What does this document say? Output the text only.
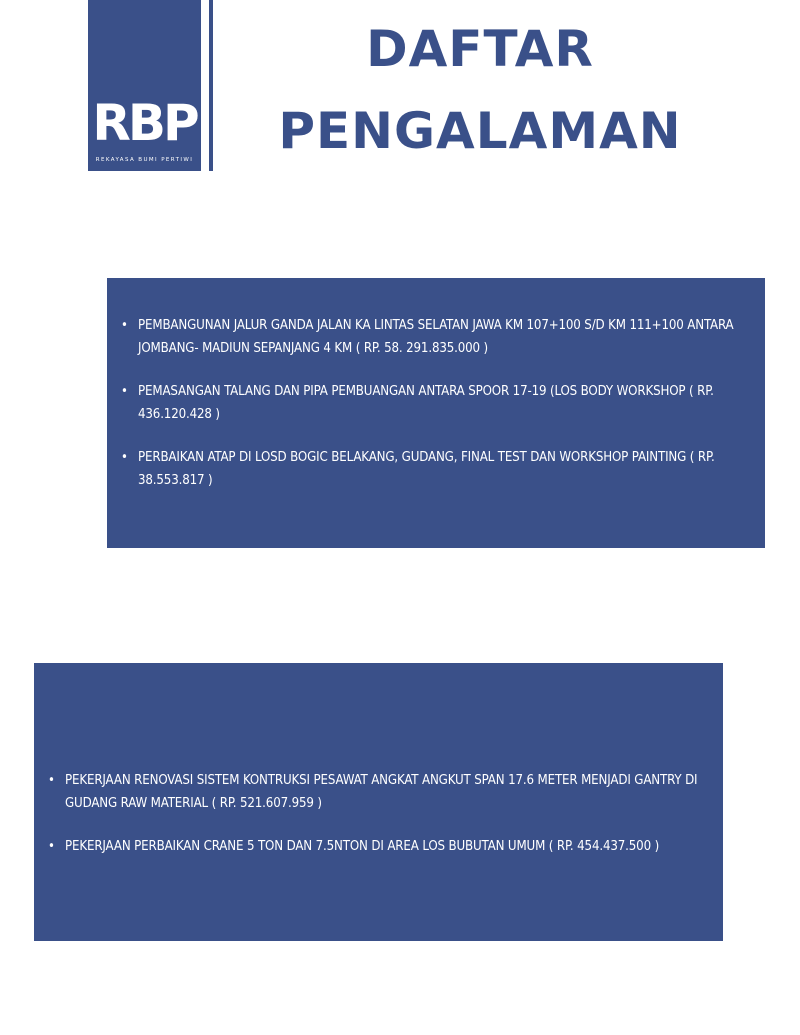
RBP
REKAYASA BUMI PERTIWI
DAFTAR
PENGALAMAN
• PEMBANGUNAN JALUR GANDA JALAN KA LINTAS SELATAN JAWA KM 107+100 S/D KM 111+100 ANTARA JOMBANG- MADIUN SEPANJANG 4 KM ( RP. 58. 291.835.000 )
• PEMASANGAN TALANG DAN PIPA PEMBUANGAN ANTARA SPOOR 17-19 (LOS BODY WORKSHOP ( RP. 436.120.428 )
• PERBAIKAN ATAP DI LOSD BOGIC BELAKANG, GUDANG, FINAL TEST DAN WORKSHOP PAINTING ( RP. 38.553.817 )
• PEKERJAAN RENOVASI SISTEM KONTRUKSI PESAWAT ANGKAT ANGKUT SPAN 17.6 METER MENJADI GANTRY DI GUDANG RAW MATERIAL ( RP. 521.607.959 )
• PEKERJAAN PERBAIKAN CRANE 5 TON DAN 7.5NTON DI AREA LOS BUBUTAN UMUM ( RP. 454.437.500 )
